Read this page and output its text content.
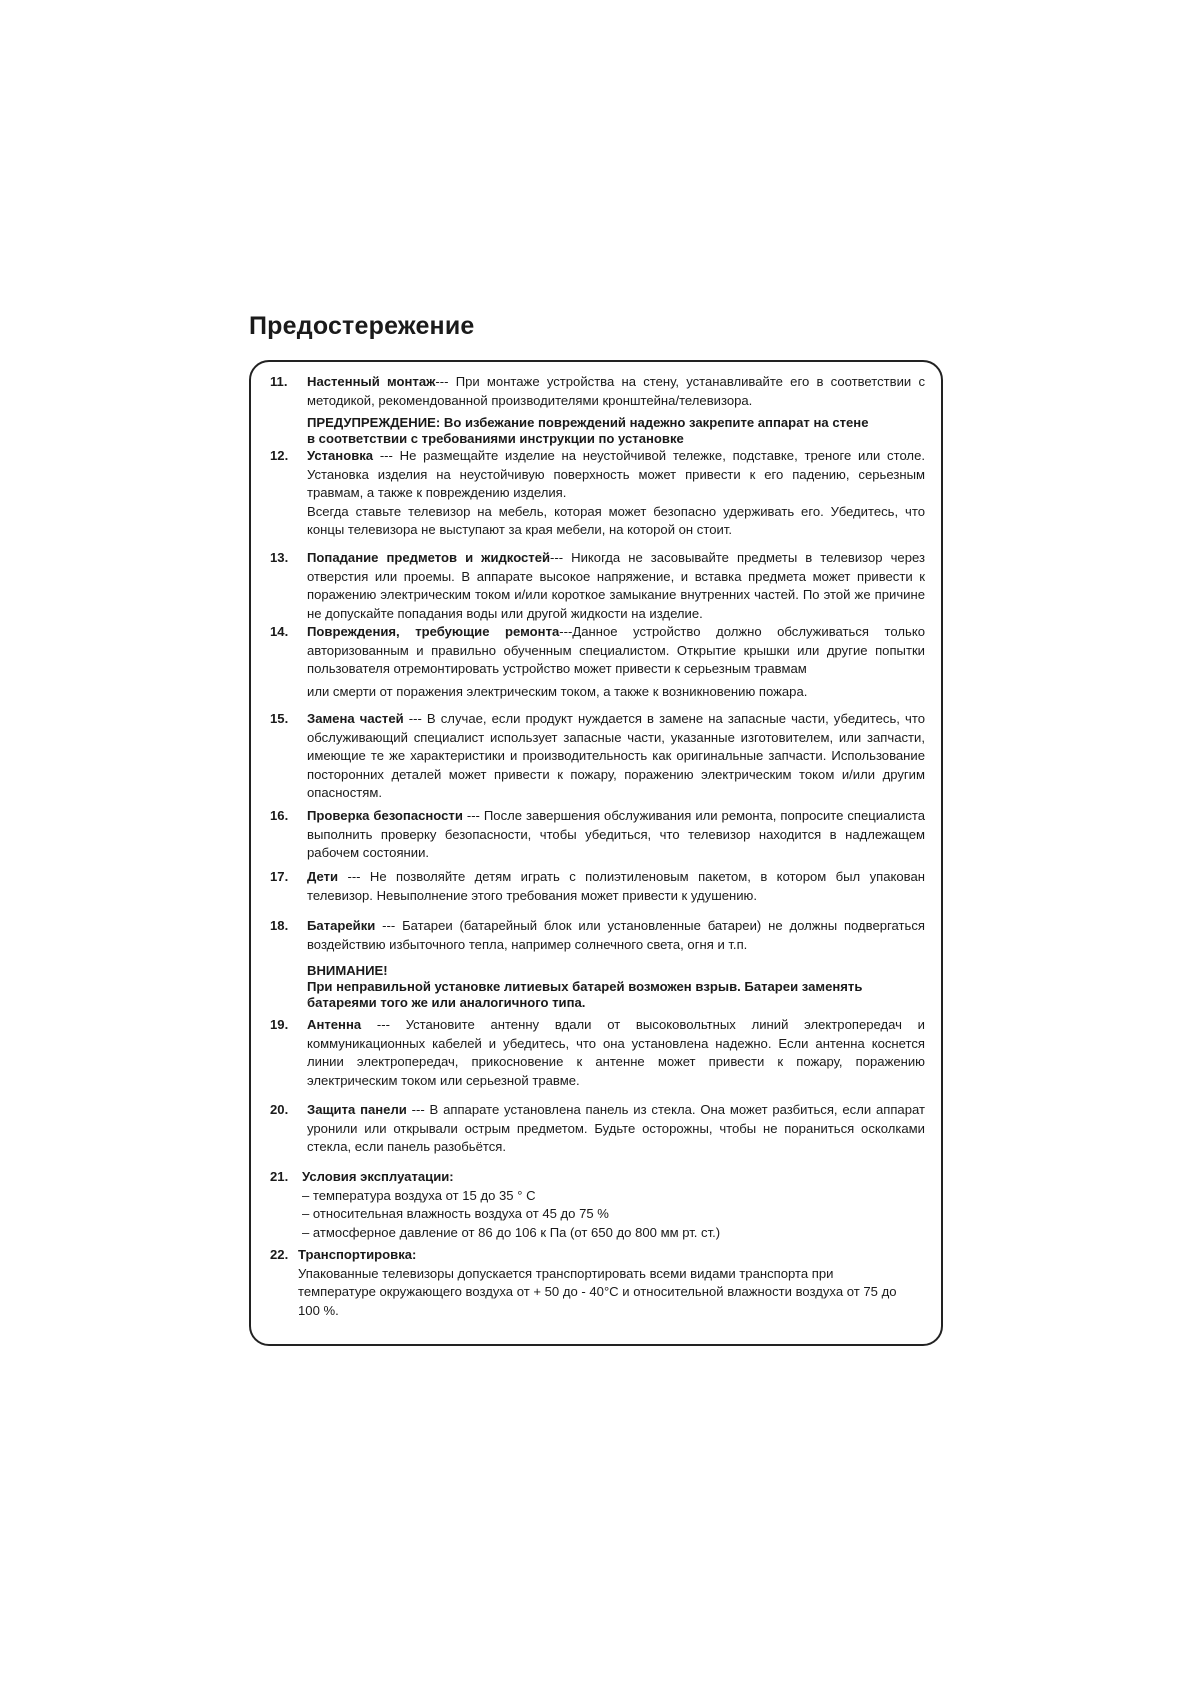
Предостережение
11. Настенный монтаж--- При монтаже устройства на стену, устанавливайте его в соответствии с методикой, рекомендованной производителями кронштейна/телевизора.

ПРЕДУПРЕЖДЕНИЕ: Во избежание повреждений надежно закрепите аппарат на стене
в соответствии с требованиями инструкции по установке

12. Установка --- Не размещайте изделие на неустойчивой тележке, подставке, треноге или столе. Установка изделия на неустойчивую поверхность может привести к его падению, серьезным травмам, а также к повреждению изделия.

Всегда ставьте телевизор на мебель, которая может безопасно удерживать его. Убедитесь, что концы телевизора не выступают за края мебели, на которой он стоит.

13. Попадание предметов и жидкостей--- Никогда не засовывайте предметы в телевизор через отверстия или проемы. В аппарате высокое напряжение, и вставка предмета может привести к поражению электрическим током и/или короткое замыкание внутренних частей. По этой же причине не допускайте попадания воды или другой жидкости на изделие.

14. Повреждения, требующие ремонта---Данное устройство должно обслуживаться только авторизованным и правильно обученным специалистом. Открытие крышки или другие попытки пользователя отремонтировать устройство может привести к серьезным травмам

или смерти от поражения электрическим током, а также к возникновению пожара.

15. Замена частей --- В случае, если продукт нуждается в замене на запасные части, убедитесь, что обслуживающий специалист использует запасные части, указанные изготовителем, или запчасти, имеющие те же характеристики и производительность как оригинальные запчасти. Использование посторонних деталей может привести к пожару, поражению электрическим током и/или другим опасностям.

16. Проверка безопасности --- После завершения обслуживания или ремонта, попросите специалиста выполнить проверку безопасности, чтобы убедиться, что телевизор находится в надлежащем рабочем состоянии.

17. Дети --- Не позволяйте детям играть с полиэтиленовым пакетом, в котором был упакован телевизор. Невыполнение этого требования может привести к удушению.

18. Батарейки --- Батареи (батарейный блок или установленные батареи) не должны подвергаться воздействию избыточного тепла, например солнечного света, огня и т.п.

ВНИМАНИЕ!
При неправильной установке литиевых батарей возможен взрыв. Батареи заменять
батареями того же или аналогичного типа.

19. Антенна --- Установите антенну вдали от высоковольтных линий электропередач и коммуникационных кабелей и убедитесь, что она установлена надежно. Если антенна коснется линии электропередач, прикосновение к антенне может привести к пожару, поражению электрическим током или серьезной травме.

20. Защита панели --- В аппарате установлена панель из стекла. Она может разбиться, если аппарат уронили или открывали острым предметом. Будьте осторожны, чтобы не пораниться осколками стекла, если панель разобьётся.

21. Условия эксплуатации:

– температура воздуха от 15 до 35 ° С

– относительная влажность воздуха от 45 до 75 %

– атмосферное давление от 86 до 106 к Па (от 650 до 800 мм рт. ст.)

22. Транспортировка:

Упакованные телевизоры допускается транспортировать всеми видами транспорта при температуре окружающего воздуха от + 50 до - 40°С и относительной влажности воздуха от 75 до 100 %.
